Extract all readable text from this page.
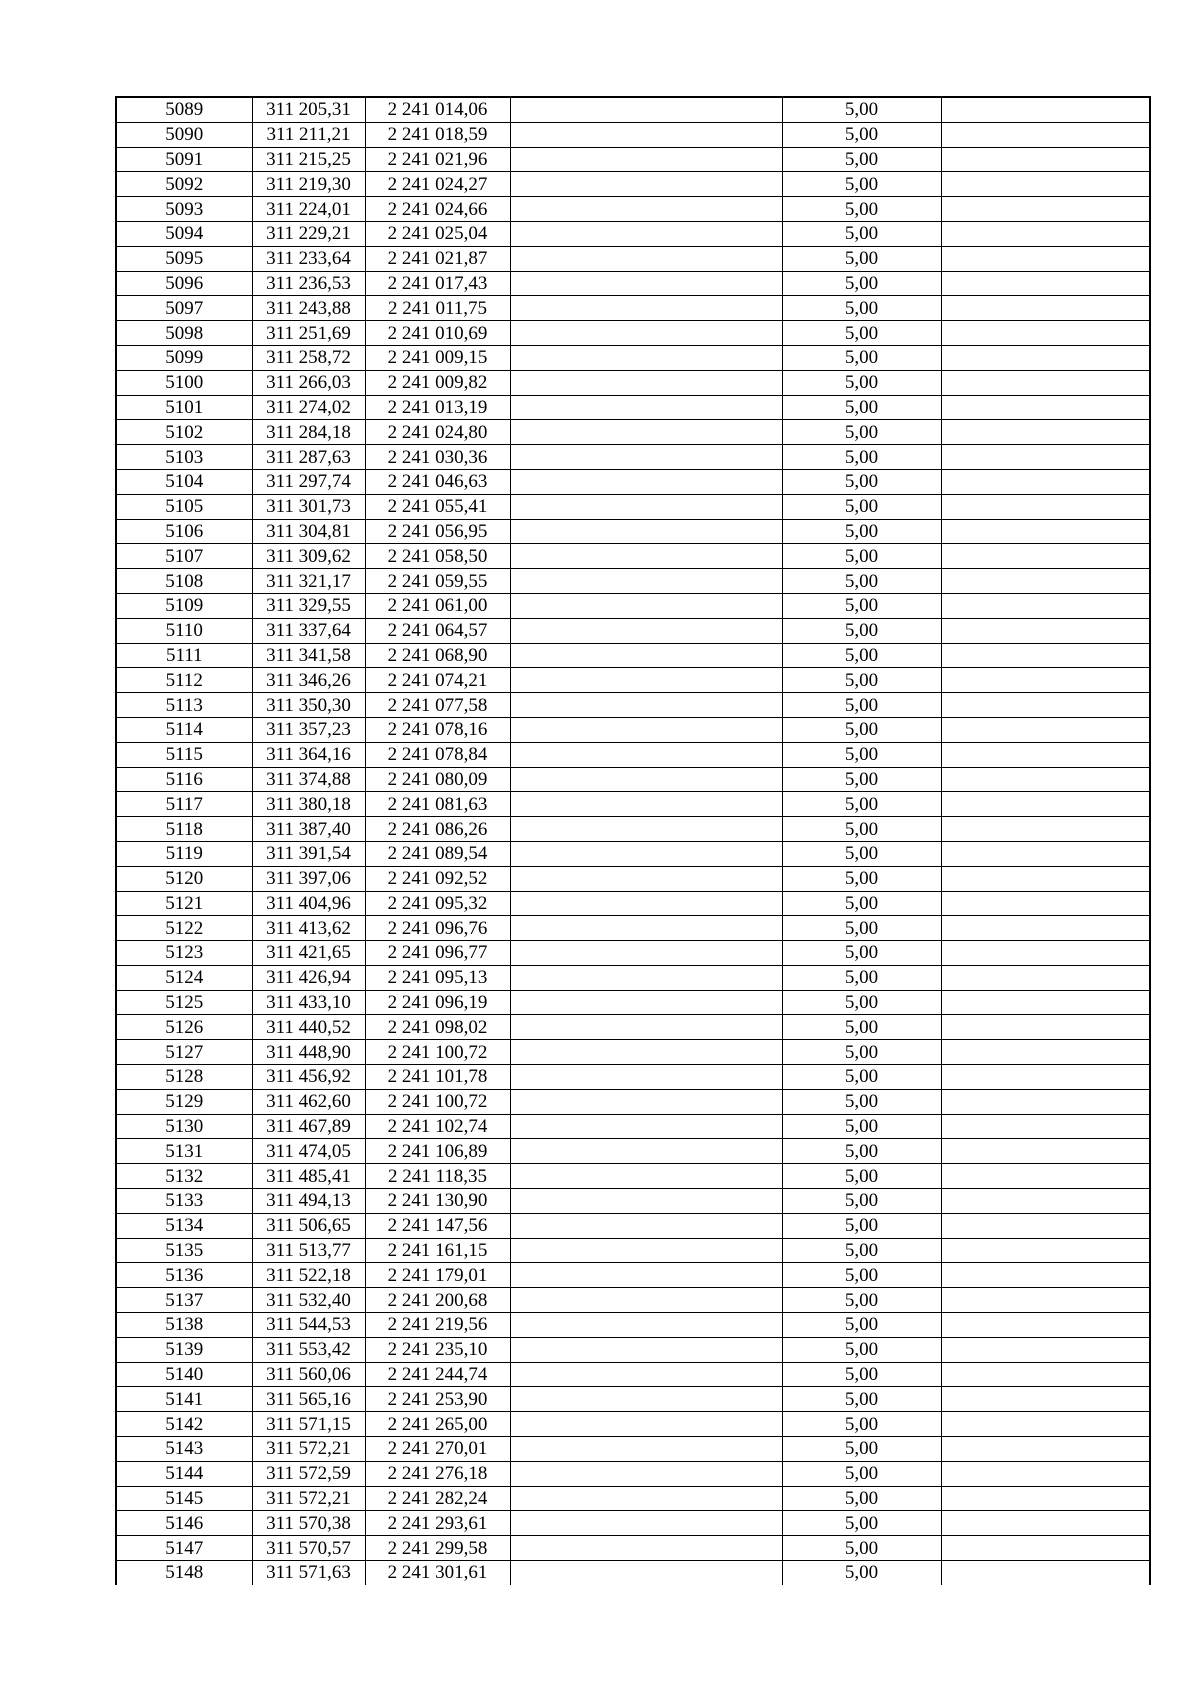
5089	311 205,31	2 241 014,06		5,00	
5090	311 211,21	2 241 018,59		5,00	
5091	311 215,25	2 241 021,96		5,00	
5092	311 219,30	2 241 024,27		5,00	
5093	311 224,01	2 241 024,66		5,00	
5094	311 229,21	2 241 025,04		5,00	
5095	311 233,64	2 241 021,87		5,00	
5096	311 236,53	2 241 017,43		5,00	
5097	311 243,88	2 241 011,75		5,00	
5098	311 251,69	2 241 010,69		5,00	
5099	311 258,72	2 241 009,15		5,00	
5100	311 266,03	2 241 009,82		5,00	
5101	311 274,02	2 241 013,19		5,00	
5102	311 284,18	2 241 024,80		5,00	
5103	311 287,63	2 241 030,36		5,00	
5104	311 297,74	2 241 046,63		5,00	
5105	311 301,73	2 241 055,41		5,00	
5106	311 304,81	2 241 056,95		5,00	
5107	311 309,62	2 241 058,50		5,00	
5108	311 321,17	2 241 059,55		5,00	
5109	311 329,55	2 241 061,00		5,00	
5110	311 337,64	2 241 064,57		5,00	
5111	311 341,58	2 241 068,90		5,00	
5112	311 346,26	2 241 074,21		5,00	
5113	311 350,30	2 241 077,58		5,00	
5114	311 357,23	2 241 078,16		5,00	
5115	311 364,16	2 241 078,84		5,00	
5116	311 374,88	2 241 080,09		5,00	
5117	311 380,18	2 241 081,63		5,00	
5118	311 387,40	2 241 086,26		5,00	
5119	311 391,54	2 241 089,54		5,00	
5120	311 397,06	2 241 092,52		5,00	
5121	311 404,96	2 241 095,32		5,00	
5122	311 413,62	2 241 096,76		5,00	
5123	311 421,65	2 241 096,77		5,00	
5124	311 426,94	2 241 095,13		5,00	
5125	311 433,10	2 241 096,19		5,00	
5126	311 440,52	2 241 098,02		5,00	
5127	311 448,90	2 241 100,72		5,00	
5128	311 456,92	2 241 101,78		5,00	
5129	311 462,60	2 241 100,72		5,00	
5130	311 467,89	2 241 102,74		5,00	
5131	311 474,05	2 241 106,89		5,00	
5132	311 485,41	2 241 118,35		5,00	
5133	311 494,13	2 241 130,90		5,00	
5134	311 506,65	2 241 147,56		5,00	
5135	311 513,77	2 241 161,15		5,00	
5136	311 522,18	2 241 179,01		5,00	
5137	311 532,40	2 241 200,68		5,00	
5138	311 544,53	2 241 219,56		5,00	
5139	311 553,42	2 241 235,10		5,00	
5140	311 560,06	2 241 244,74		5,00	
5141	311 565,16	2 241 253,90		5,00	
5142	311 571,15	2 241 265,00		5,00	
5143	311 572,21	2 241 270,01		5,00	
5144	311 572,59	2 241 276,18		5,00	
5145	311 572,21	2 241 282,24		5,00	
5146	311 570,38	2 241 293,61		5,00	
5147	311 570,57	2 241 299,58		5,00	
5148	311 571,63	2 241 301,61		5,00	
